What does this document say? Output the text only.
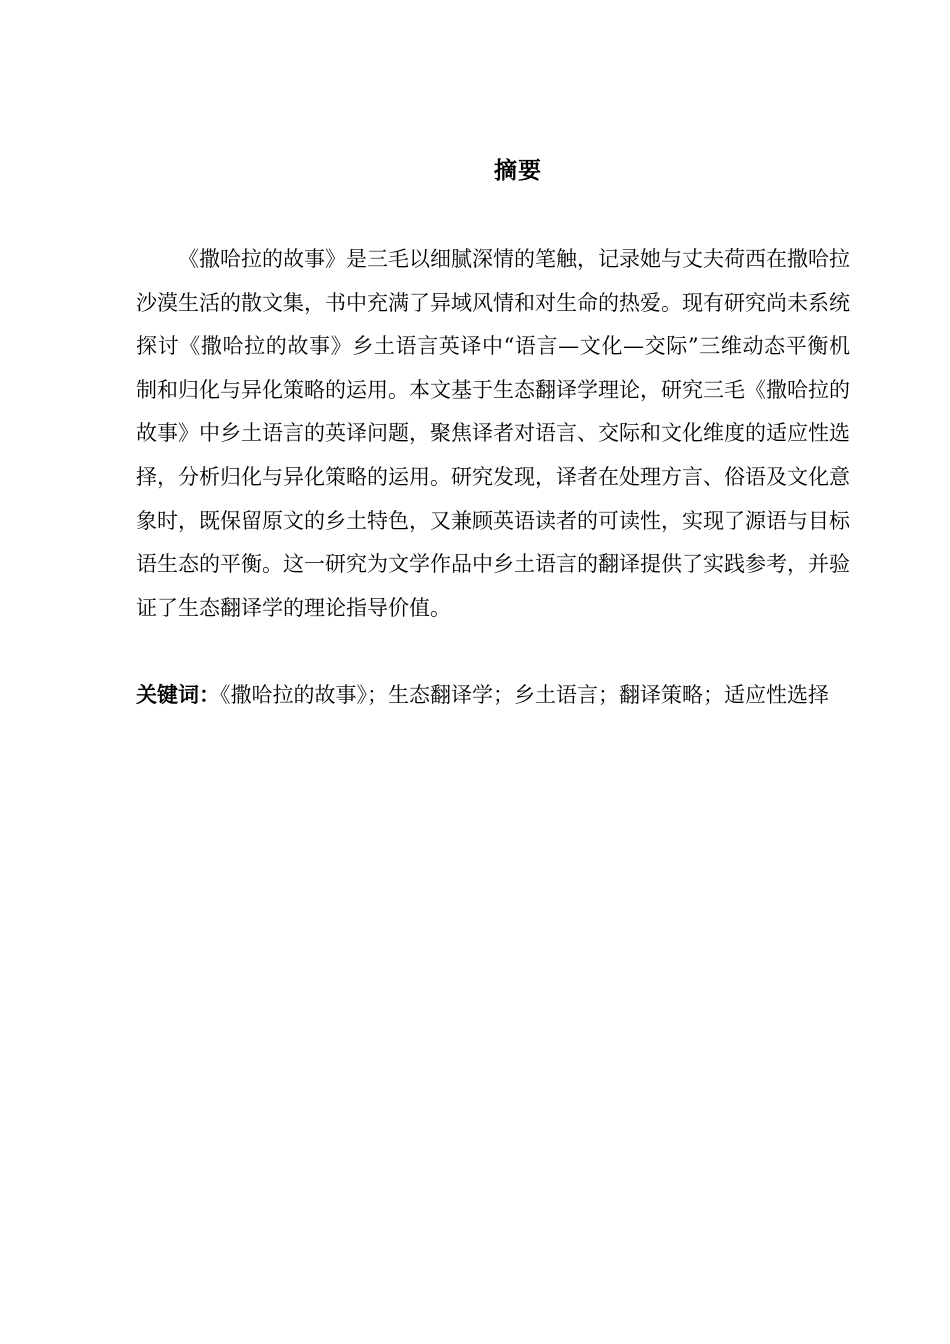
摘要

《撒哈拉的故事》是三毛以细腻深情的笔触，记录她与丈夫荷西在撒哈拉沙漠生活的散文集，书中充满了异域风情和对生命的热爱。现有研究尚未系统探讨《撒哈拉的故事》乡土语言英译中“语言—文化—交际”三维动态平衡机制和归化与异化策略的运用。本文基于生态翻译学理论，研究三毛《撒哈拉的故事》中乡土语言的英译问题，聚焦译者对语言、交际和文化维度的适应性选择，分析归化与异化策略的运用。研究发现，译者在处理方言、俗语及文化意象时，既保留原文的乡土特色，又兼顾英语读者的可读性，实现了源语与目标语生态的平衡。这一研究为文学作品中乡土语言的翻译提供了实践参考，并验证了生态翻译学的理论指导价值。

关键词：《撒哈拉的故事》；生态翻译学；乡土语言；翻译策略；适应性选择
